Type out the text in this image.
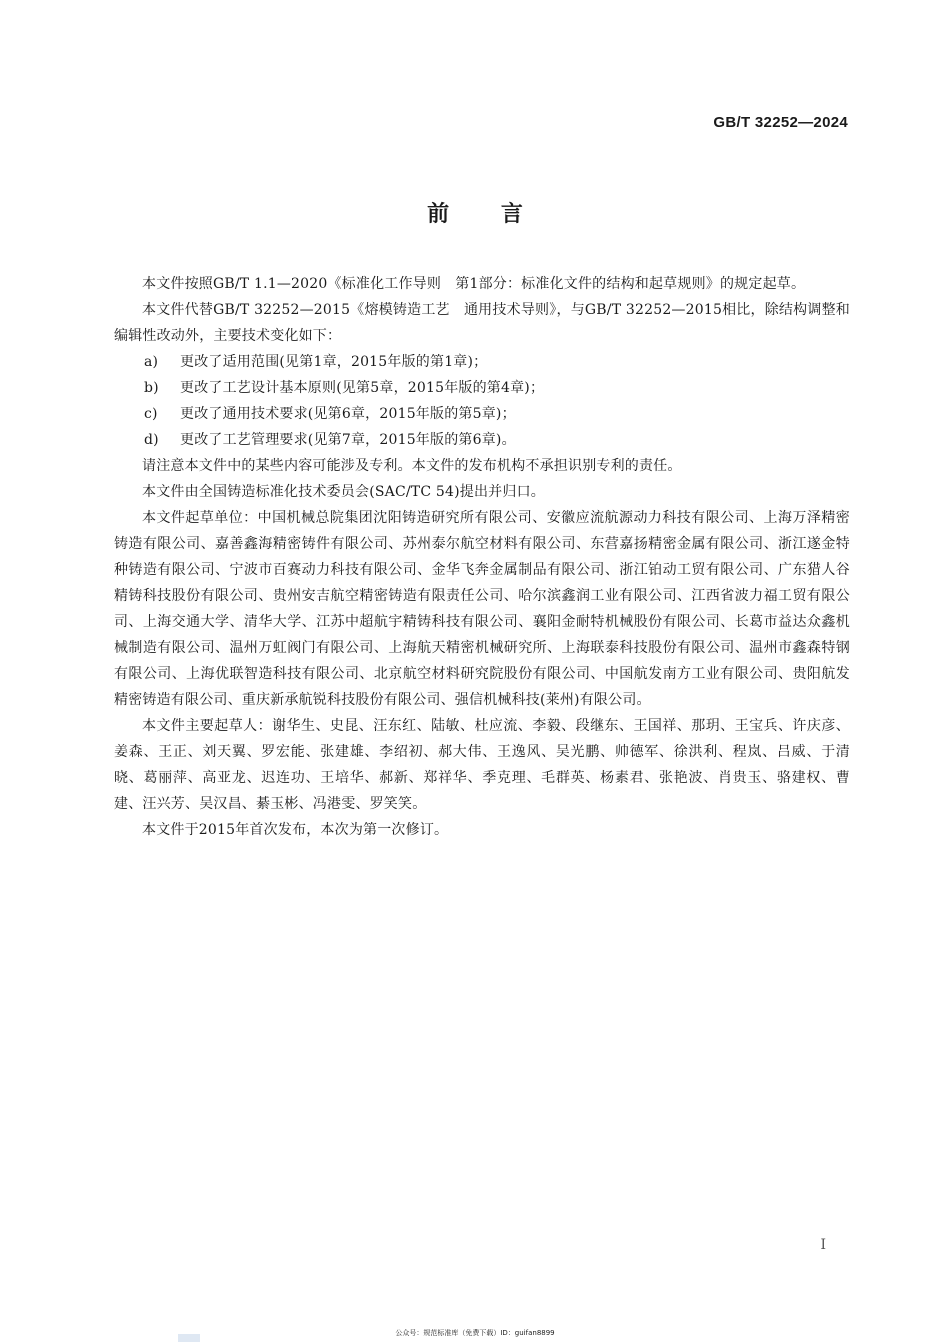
GB/T 32252—2024
前 言

本文件按照GB/T 1.1—2020《标准化工作导则　第1部分：标准化文件的结构和起草规则》的规定起草。

本文件代替GB/T 32252—2015《熔模铸造工艺　通用技术导则》，与GB/T 32252—2015相比，除结构调整和编辑性改动外，主要技术变化如下：

a) 更改了适用范围(见第1章，2015年版的第1章)；
b) 更改了工艺设计基本原则(见第5章，2015年版的第4章)；
c) 更改了通用技术要求(见第6章，2015年版的第5章)；
d) 更改了工艺管理要求(见第7章，2015年版的第6章)。

请注意本文件中的某些内容可能涉及专利。本文件的发布机构不承担识别专利的责任。

本文件由全国铸造标准化技术委员会(SAC/TC 54)提出并归口。

本文件起草单位：中国机械总院集团沈阳铸造研究所有限公司、安徽应流航源动力科技有限公司、上海万泽精密铸造有限公司、嘉善鑫海精密铸件有限公司、苏州泰尔航空材料有限公司、东营嘉扬精密金属有限公司、浙江遂金特种铸造有限公司、宁波市百赛动力科技有限公司、金华飞奔金属制品有限公司、浙江铂动工贸有限公司、广东猎人谷精铸科技股份有限公司、贵州安吉航空精密铸造有限责任公司、哈尔滨鑫润工业有限公司、江西省波力福工贸有限公司、上海交通大学、清华大学、江苏中超航宇精铸科技有限公司、襄阳金耐特机械股份有限公司、长葛市益达众鑫机械制造有限公司、温州万虹阀门有限公司、上海航天精密机械研究所、上海联泰科技股份有限公司、温州市鑫森特钢有限公司、上海优联智造科技有限公司、北京航空材料研究院股份有限公司、中国航发南方工业有限公司、贵阳航发精密铸造有限公司、重庆新承航锐科技股份有限公司、强信机械科技(莱州)有限公司。

本文件主要起草人：谢华生、史昆、汪东红、陆敏、杜应流、李毅、段继东、王国祥、那玥、王宝兵、许庆彦、姜森、王正、刘天翼、罗宏能、张建雄、李绍初、郝大伟、王逸风、吴光鹏、帅德军、徐洪利、程岚、吕威、于清晓、葛丽萍、高亚龙、迟连功、王培华、郝新、郑祥华、季克理、毛群英、杨素君、张艳波、肖贵玉、骆建权、曹建、汪兴芳、吴汉昌、綦玉彬、冯港雯、罗笑笑。

本文件于2015年首次发布，本次为第一次修订。

I
公众号：规范标准库（免费下载）ID：guifan8899
